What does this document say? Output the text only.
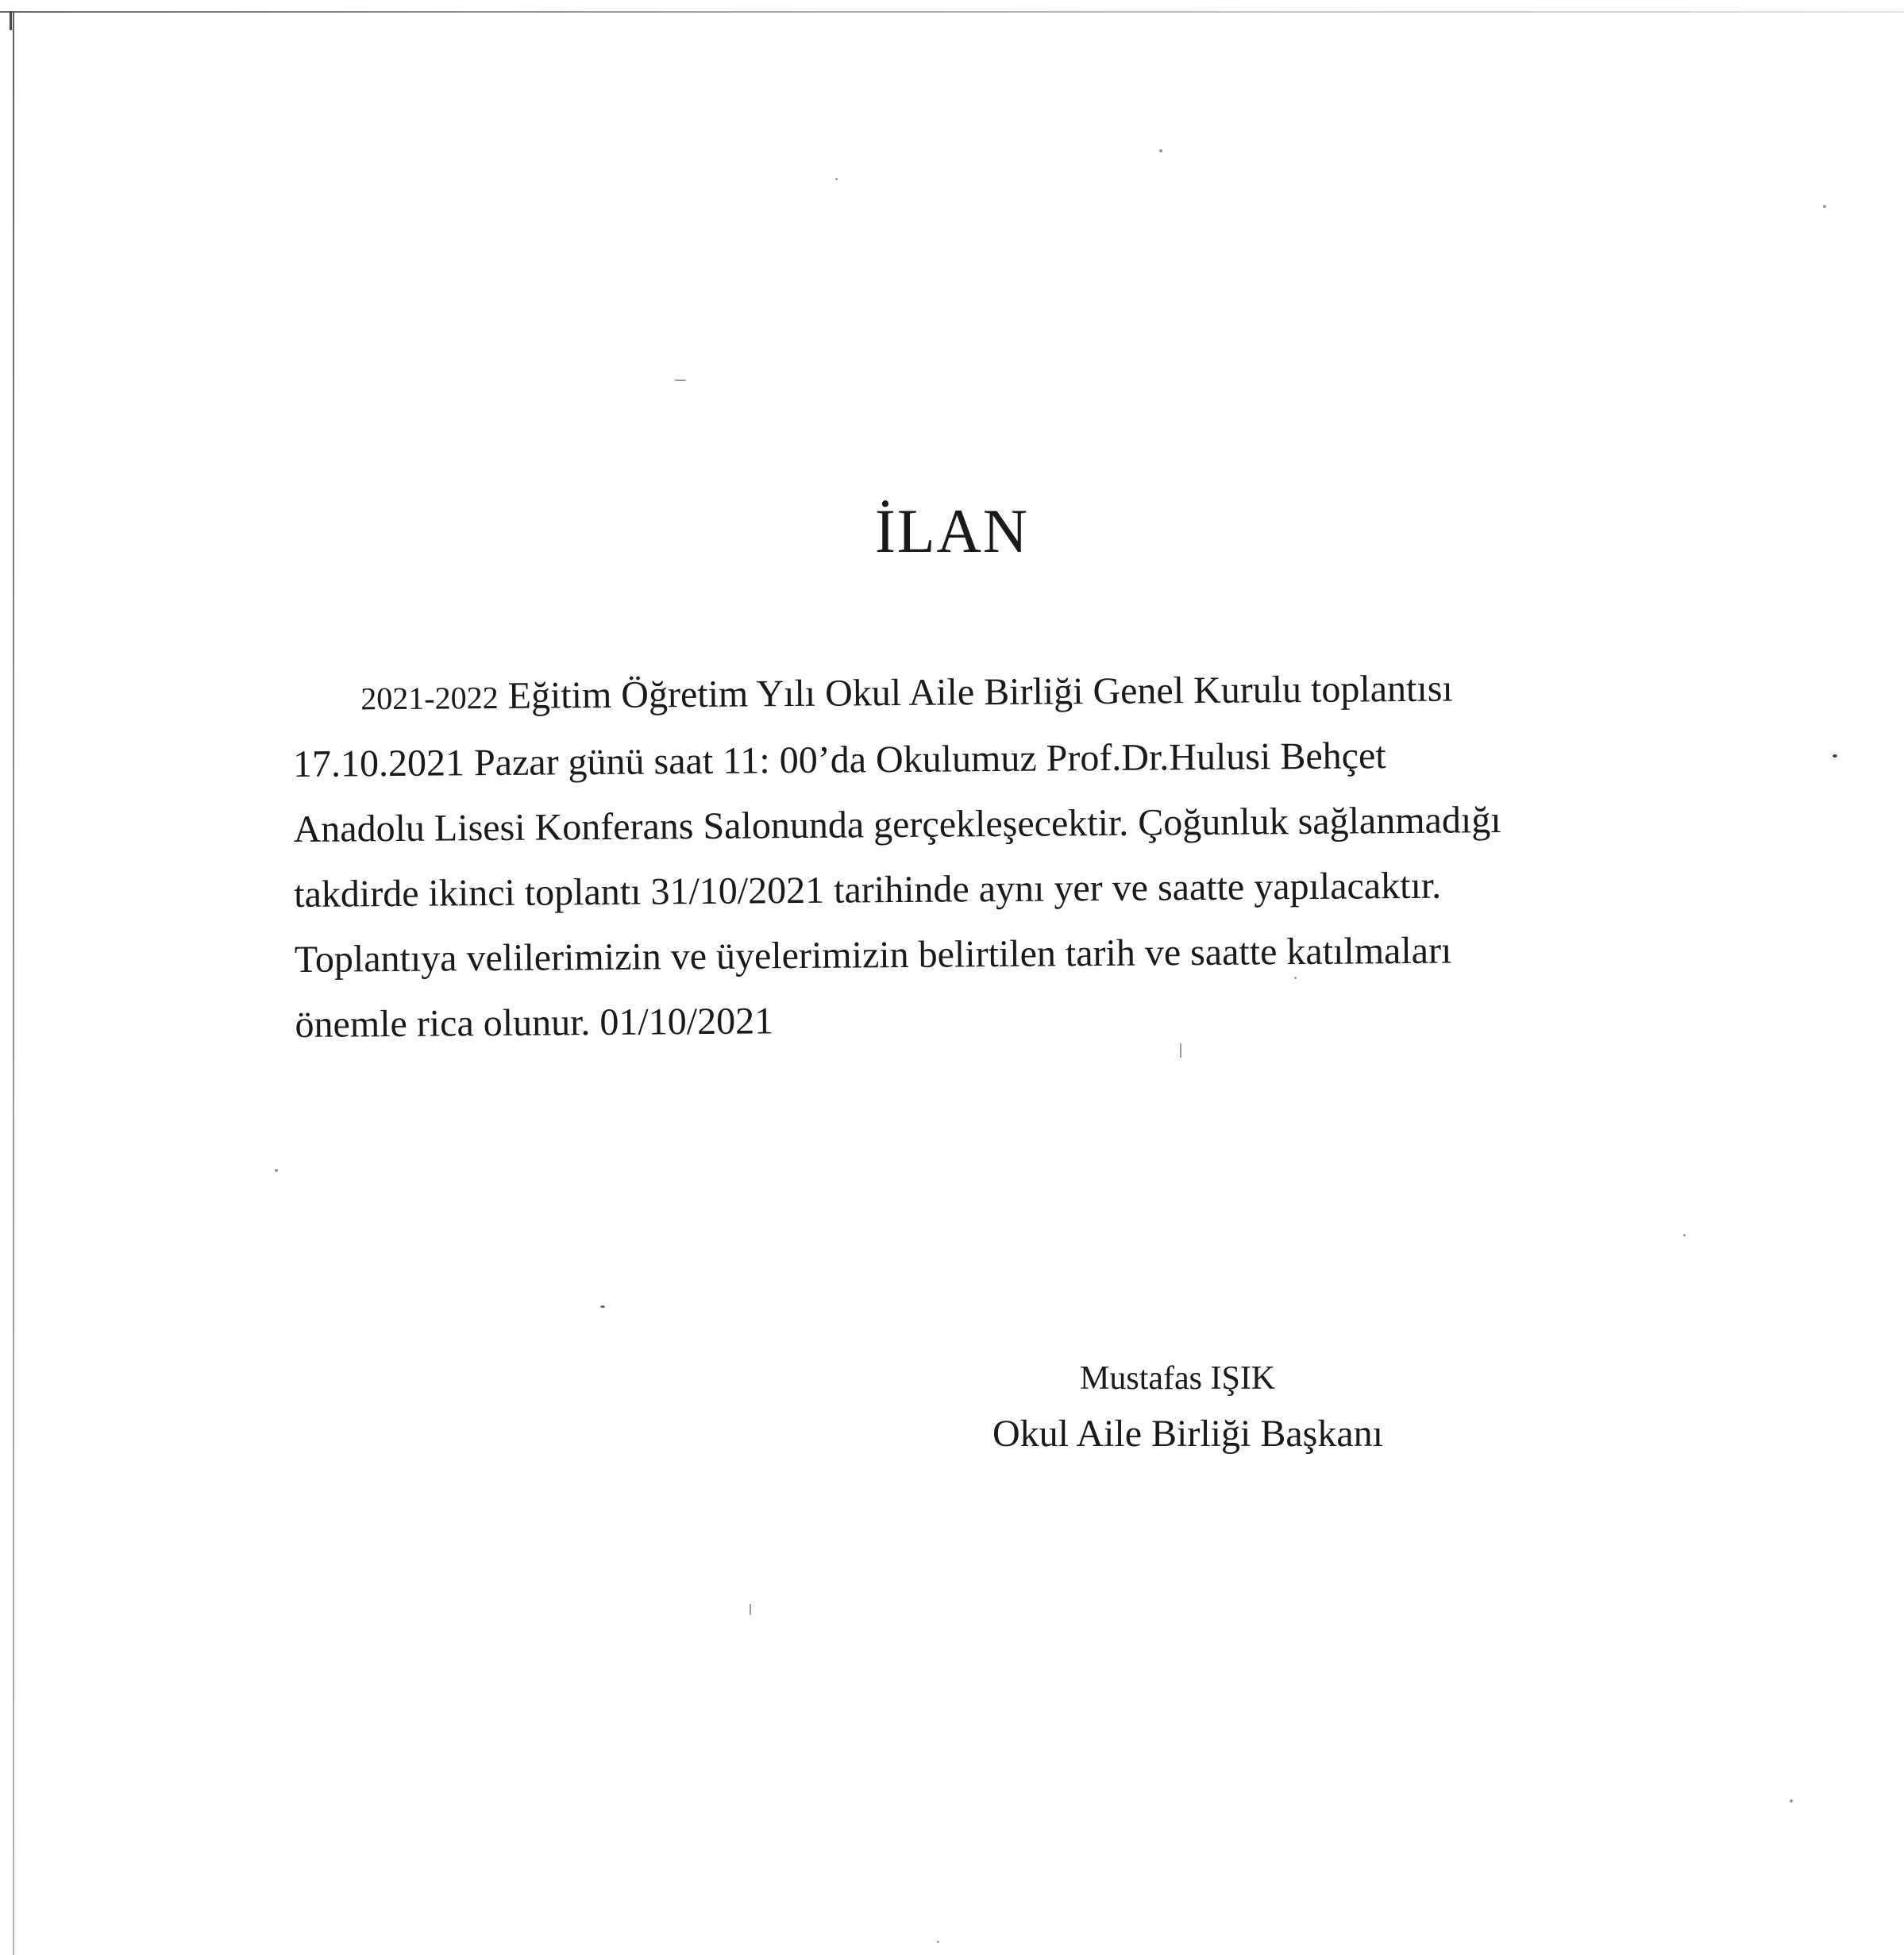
İLAN
2021-2022 Eğitim Öğretim Yılı Okul Aile Birliği Genel Kurulu toplantısı
17.10.2021 Pazar günü saat 11: 00’da Okulumuz Prof.Dr.Hulusi Behçet
Anadolu Lisesi Konferans Salonunda gerçekleşecektir. Çoğunluk sağlanmadığı
takdirde ikinci toplantı 31/10/2021 tarihinde aynı yer ve saatte yapılacaktır.
Toplantıya velilerimizin ve üyelerimizin belirtilen tarih ve saatte katılmaları
önemle rica olunur. 01/10/2021
Mustafas IŞIK
Okul Aile Birliği Başkanı
